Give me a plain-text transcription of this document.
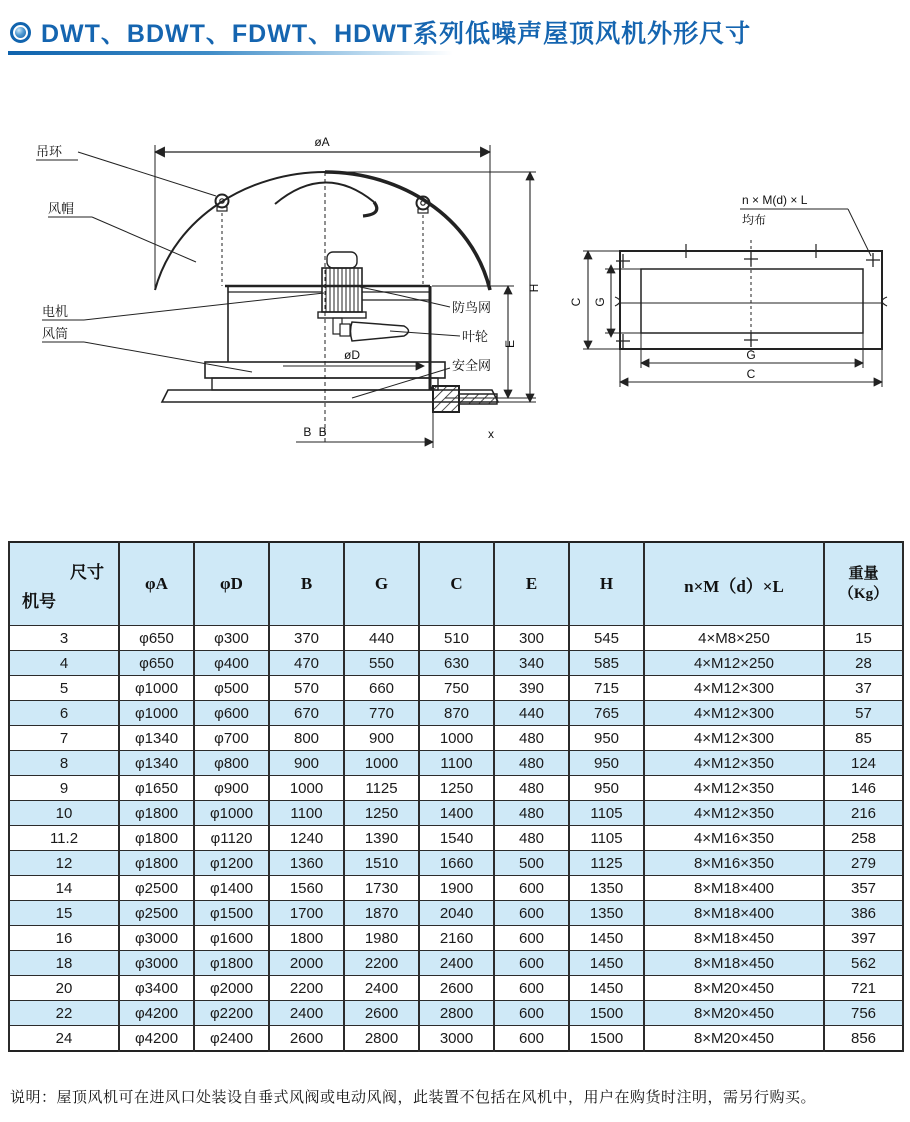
DWT、BDWT、FDWT、HDWT系列低噪声屋顶风机外形尺寸
øA
øD
E
H
B B	x
吊环
风帽
电机
风筒
防鸟网
叶轮
安全网
n × M(d) × L
均布
C G
G
C
尺寸
机号	φA	φD	B	G	C	E	H	n×M（d）×L	重量
（Kg）

3	φ650	φ300	370	440	510	300	545	4×M8×250	15
4	φ650	φ400	470	550	630	340	585	4×M12×250	28
5	φ1000	φ500	570	660	750	390	715	4×M12×300	37
6	φ1000	φ600	670	770	870	440	765	4×M12×300	57
7	φ1340	φ700	800	900	1000	480	950	4×M12×300	85
8	φ1340	φ800	900	1000	1100	480	950	4×M12×350	124
9	φ1650	φ900	1000	1125	1250	480	950	4×M12×350	146
10	φ1800	φ1000	1100	1250	1400	480	1105	4×M12×350	216
11.2	φ1800	φ1120	1240	1390	1540	480	1105	4×M16×350	258
12	φ1800	φ1200	1360	1510	1660	500	1125	8×M16×350	279
14	φ2500	φ1400	1560	1730	1900	600	1350	8×M18×400	357
15	φ2500	φ1500	1700	1870	2040	600	1350	8×M18×400	386
16	φ3000	φ1600	1800	1980	2160	600	1450	8×M18×450	397
18	φ3000	φ1800	2000	2200	2400	600	1450	8×M18×450	562
20	φ3400	φ2000	2200	2400	2600	600	1450	8×M20×450	721
22	φ4200	φ2200	2400	2600	2800	600	1500	8×M20×450	756
24	φ4200	φ2400	2600	2800	3000	600	1500	8×M20×450	856
说明：屋顶风机可在进风口处装设自垂式风阀或电动风阀，此装置不包括在风机中，用户在购货时注明，需另行购买。
